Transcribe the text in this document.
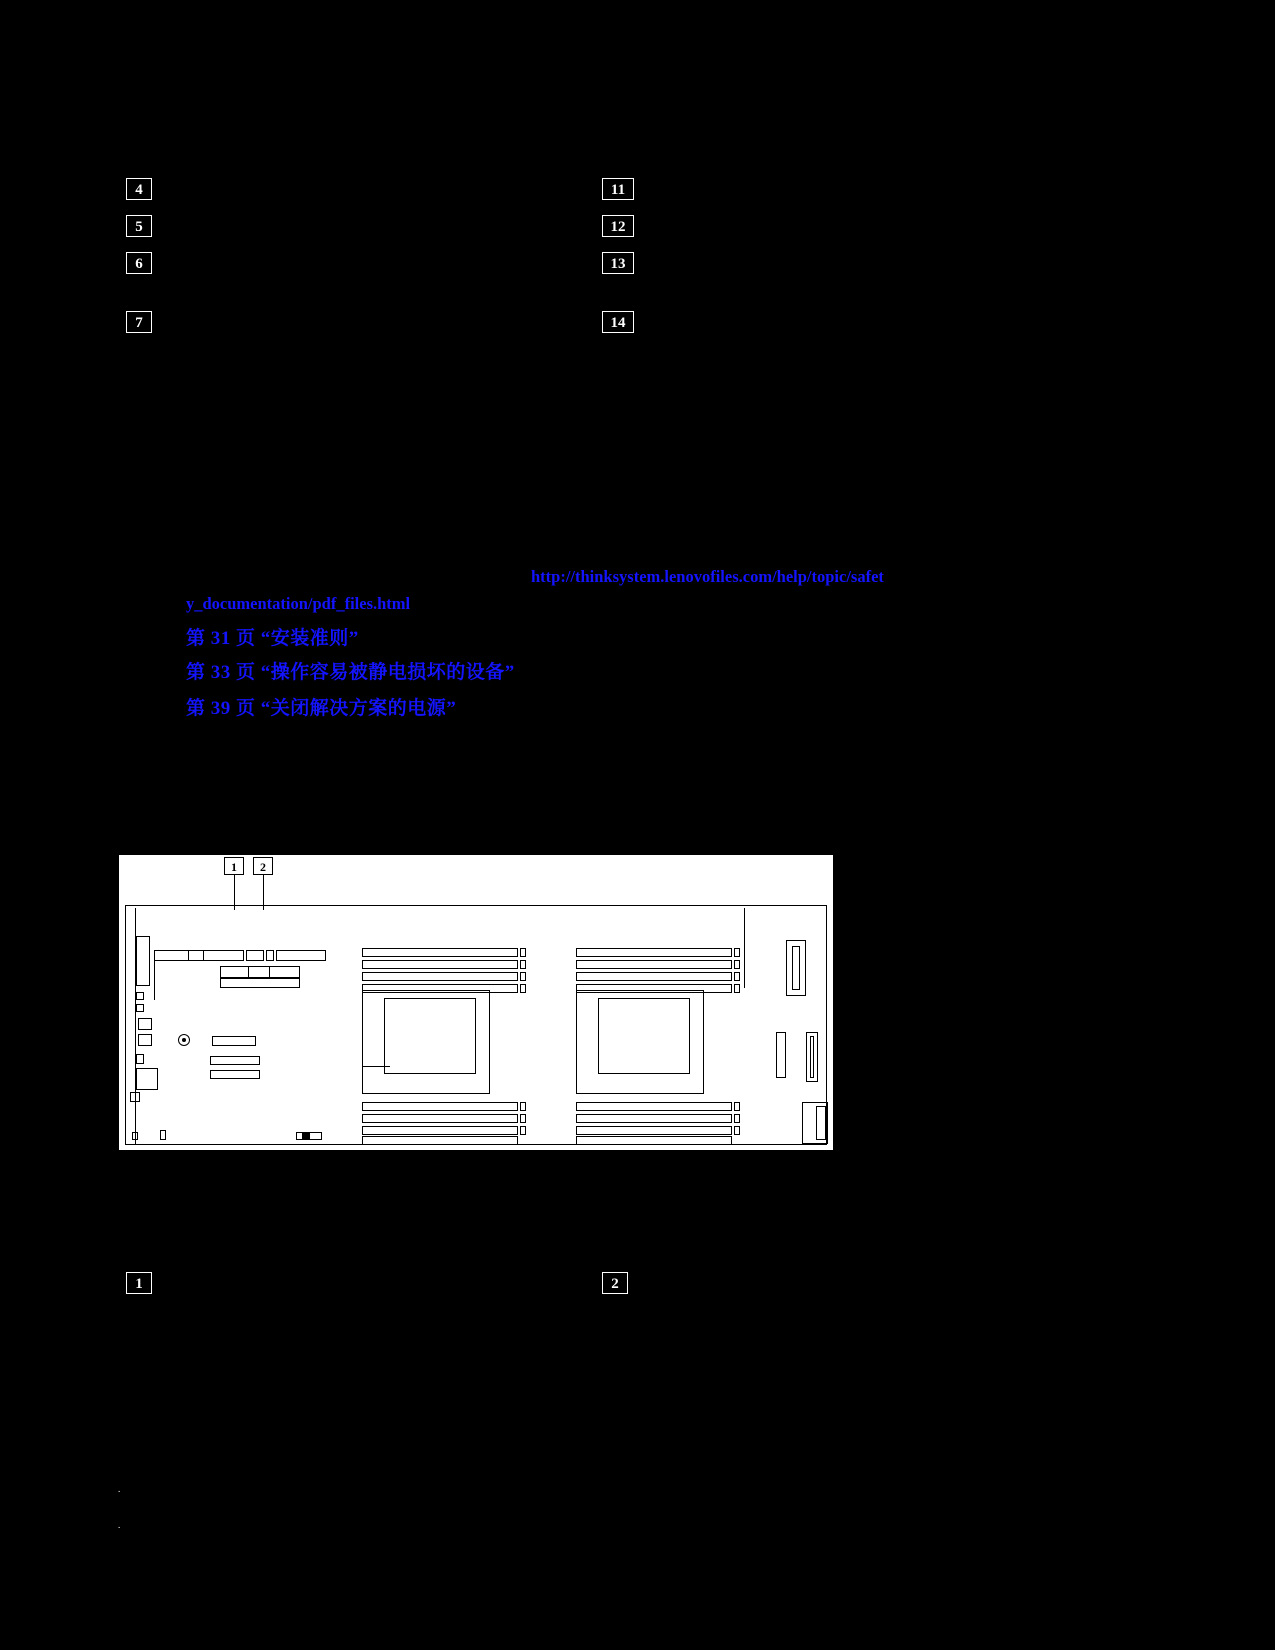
4
5
6
7
11
12
13
14
http://thinksystem.lenovofiles.com/help/topic/safet
y_documentation/pdf_files.html
第 31 页 “安装准则”
第 33 页 “操作容易被静电损坏的设备”
第 39 页 “关闭解决方案的电源”
1	2
1	2
.
.
